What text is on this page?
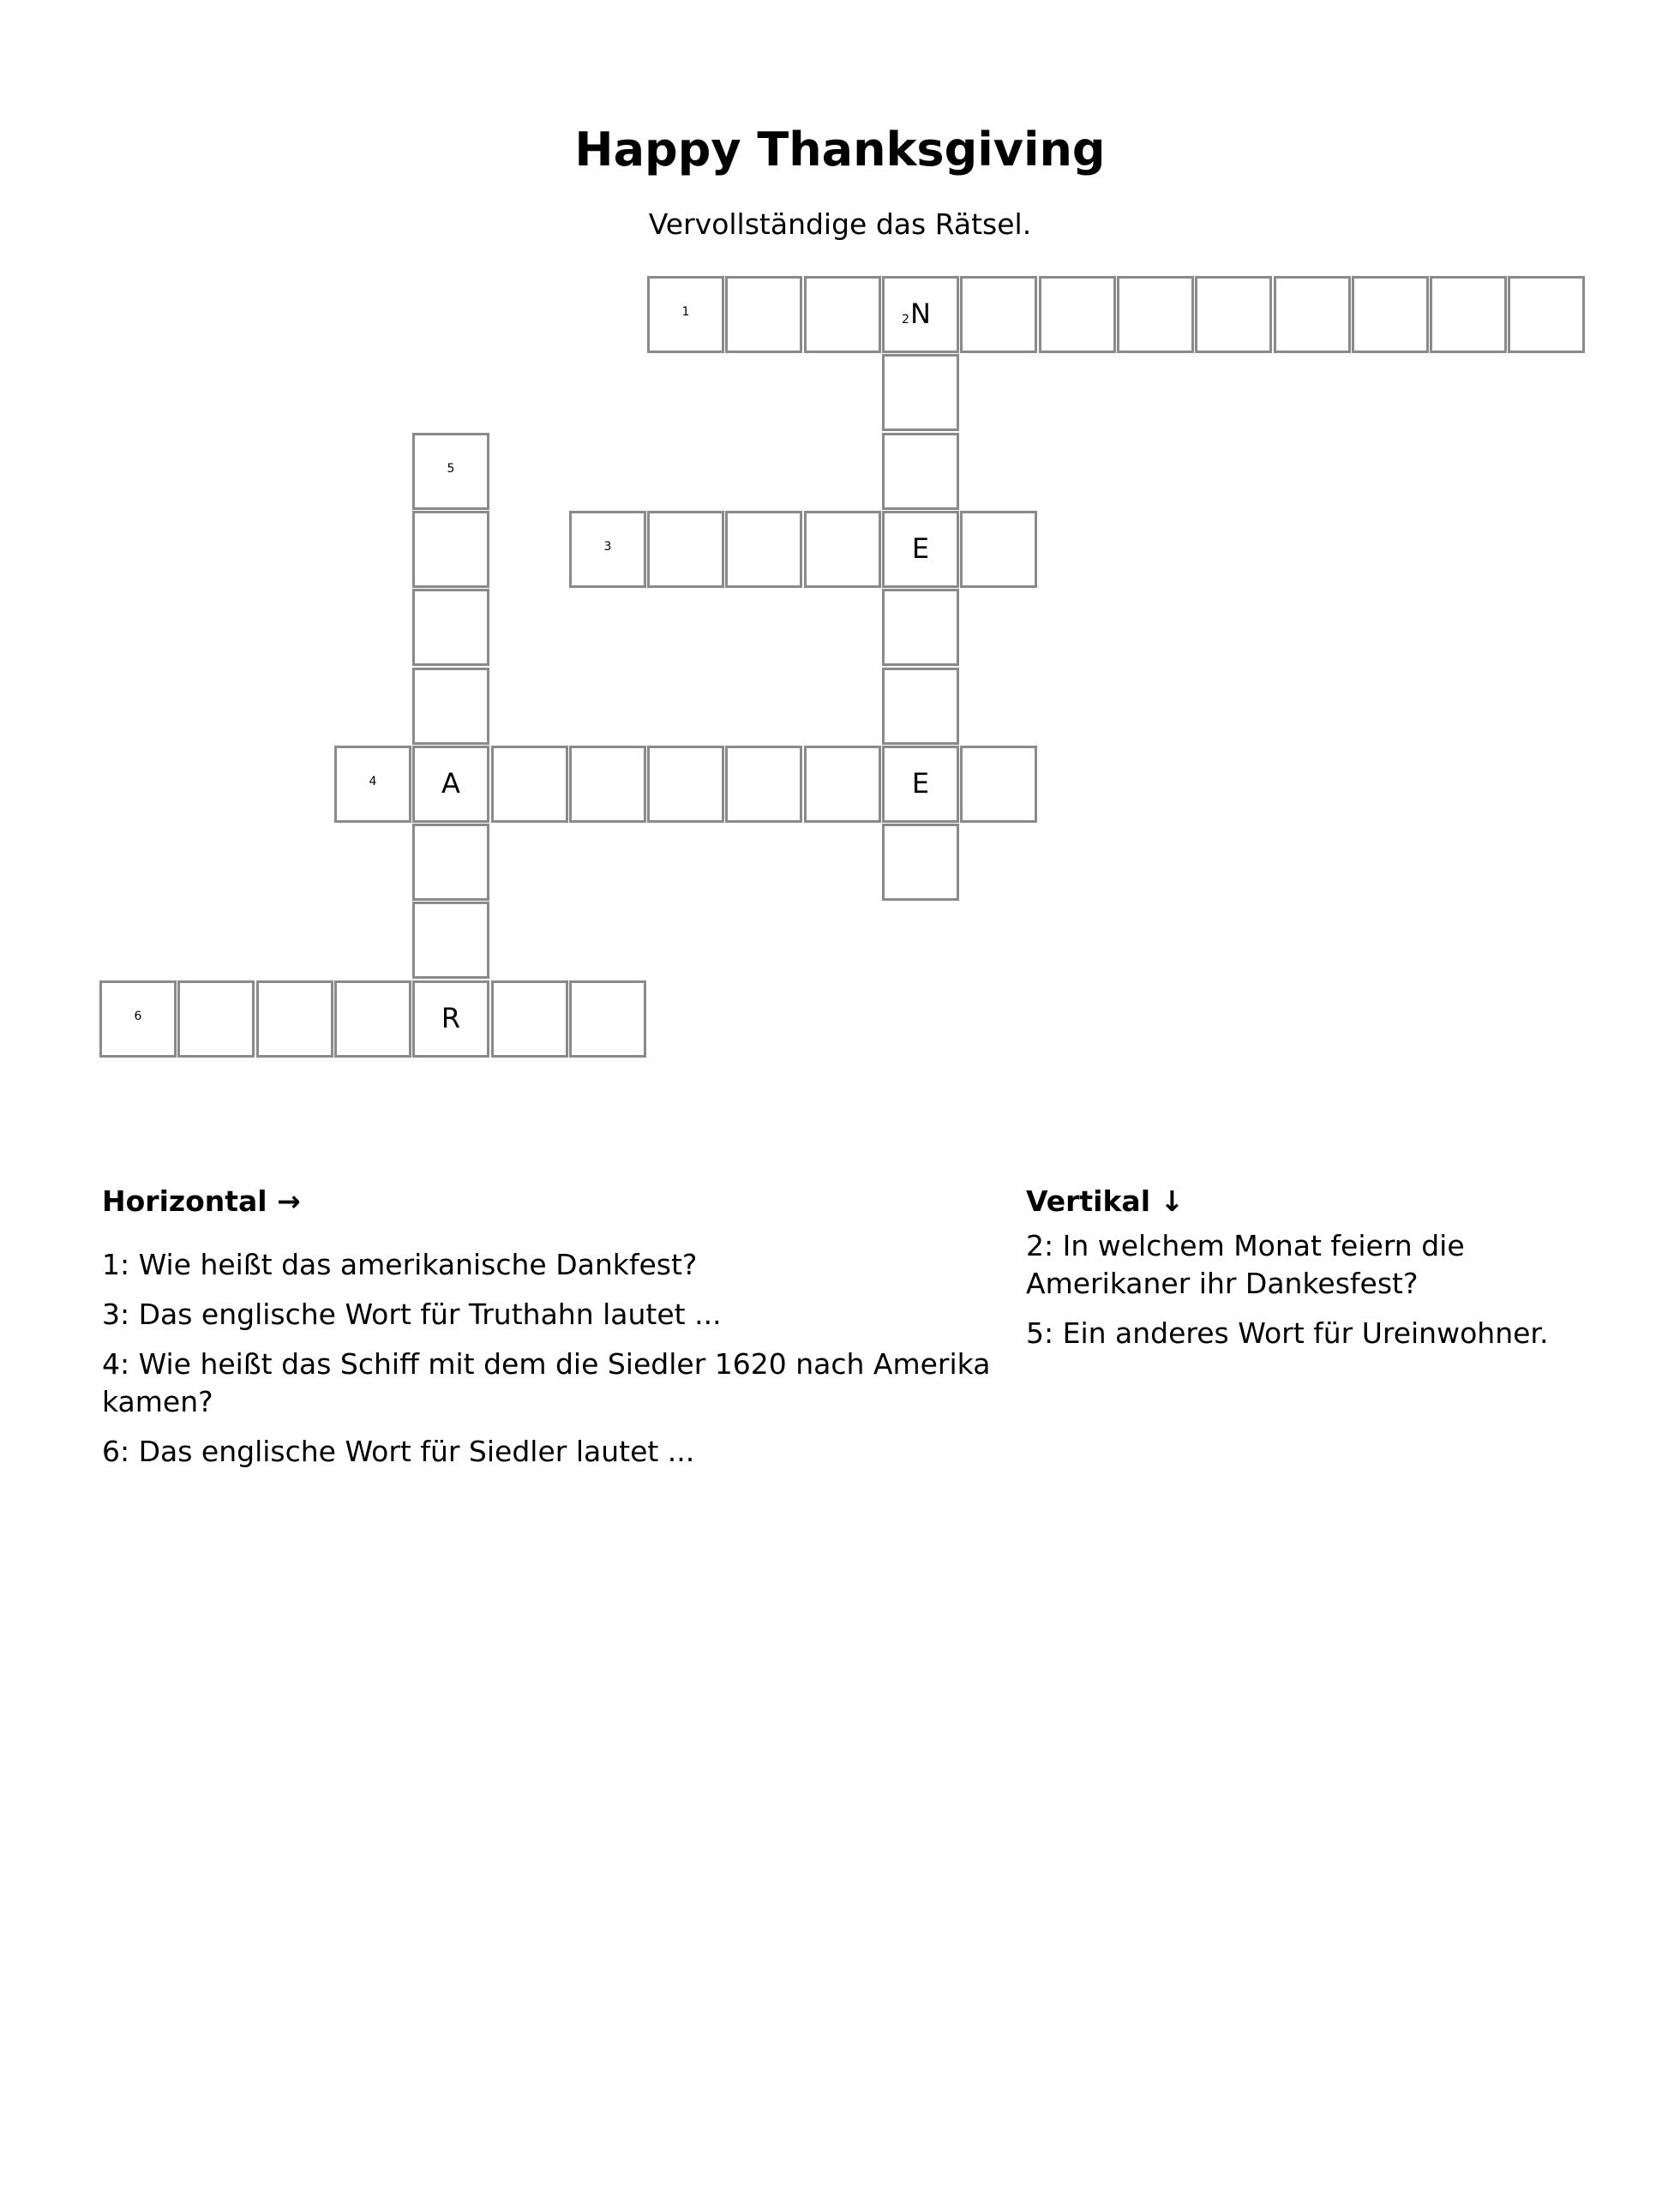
Happy Thanksgiving
Vervollständige das Rätsel.
1
2 N
5
3	E
4	A	E
6	R
Horizontal →
1: Wie heißt das amerikanische Dankfest?
3: Das englische Wort für Truthahn lautet ...
4: Wie heißt das Schiff mit dem die Siedler 1620 nach Amerika kamen?
6: Das englische Wort für Siedler lautet ...
Vertikal ↓
2: In welchem Monat feiern die Amerikaner ihr Dankesfest?
5: Ein anderes Wort für Ureinwohner.
